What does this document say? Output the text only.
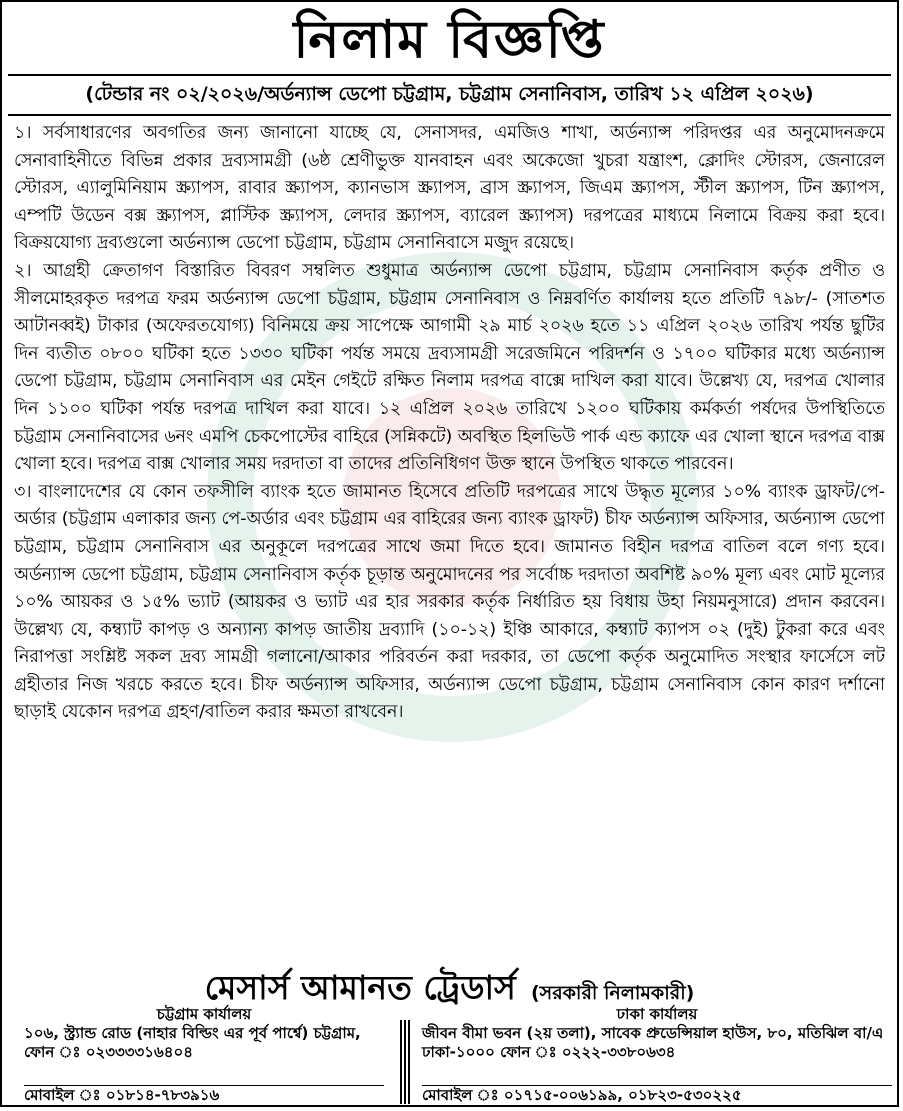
নিলাম বিজ্ঞপ্তি
(টেন্ডার নং ০২/২০২৬/অর্ডন্যান্স ডেপো চট্টগ্রাম, চট্টগ্রাম সেনানিবাস, তারিখ ১২ এপ্রিল ২০২৬)

১। সর্বসাধারণের অবগতির জন্য জানানো যাচ্ছে যে, সেনাসদর, এমজিও শাখা, অর্ডন্যান্স পরিদপ্তর এর অনুমোদনক্রমে সেনাবাহিনীতে বিভিন্ন প্রকার দ্রব্যসামগ্রী (৬ষ্ঠ শ্রেণীভুক্ত যানবাহন এবং অকেজো খুচরা যন্ত্রাংশ, ক্লোদিং স্টোরস, জেনারেল স্টোরস, এ্যালুমিনিয়াম স্ক্র্যাপস, রাবার স্ক্র্যাপস, ক্যানভাস স্ক্র্যাপস, ব্রাস স্ক্র্যাপস, জিএম স্ক্র্যাপস, স্টীল স্ক্র্যাপস, টিন স্ক্র্যাপস, এম্পটি উডেন বক্স স্ক্র্যাপস, প্লাস্টিক স্ক্র্যাপস, লেদার স্ক্র্যাপস, ব্যারেল স্ক্র্যাপস) দরপত্রের মাধ্যমে নিলামে বিক্রয় করা হবে। বিক্রয়যোগ্য দ্রব্যগুলো অর্ডন্যান্স ডেপো চট্টগ্রাম, চট্টগ্রাম সেনানিবাসে মজুদ রয়েছে।

২। আগ্রহী ক্রেতাগণ বিস্তারিত বিবরণ সম্বলিত শুধুমাত্র অর্ডন্যান্স ডেপো চট্টগ্রাম, চট্টগ্রাম সেনানিবাস কর্তৃক প্রণীত ও সীলমোহরকৃত দরপত্র ফরম অর্ডন্যান্স ডেপো চট্টগ্রাম, চট্টগ্রাম সেনানিবাস ও নিম্নবর্ণিত কার্যালয় হতে প্রতিটি ৭৯৮/- (সাতশত আটানব্বই) টাকার (অফেরতযোগ্য) বিনিময়ে ক্রয় সাপেক্ষে আগামী ২৯ মার্চ ২০২৬ হতে ১১ এপ্রিল ২০২৬ তারিখ পর্যন্ত ছুটির দিন ব্যতীত ০৮০০ ঘটিকা হতে ১৩৩০ ঘটিকা পর্যন্ত সময়ে দ্রব্যসামগ্রী সরেজমিনে পরিদর্শন ও ১৭০০ ঘটিকার মধ্যে অর্ডন্যান্স ডেপো চট্টগ্রাম, চট্টগ্রাম সেনানিবাস এর মেইন গেইটে রক্ষিত নিলাম দরপত্র বাক্সে দাখিল করা যাবে। উল্লেখ্য যে, দরপত্র খোলার দিন ১১০০ ঘটিকা পর্যন্ত দরপত্র দাখিল করা যাবে। ১২ এপ্রিল ২০২৬ তারিখে ১২০০ ঘটিকায় কর্মকর্তা পর্ষদের উপস্থিতিতে চট্টগ্রাম সেনানিবাসের ৬নং এমপি চেকপোস্টের বাহিরে (সন্নিকটে) অবস্থিত হিলভিউ পার্ক এন্ড ক্যাফে এর খোলা স্থানে দরপত্র বাক্স খোলা হবে। দরপত্র বাক্স খোলার সময় দরদাতা বা তাদের প্রতিনিধিগণ উক্ত স্থানে উপস্থিত থাকতে পারবেন।

৩। বাংলাদেশের যে কোন তফসীলি ব্যাংক হতে জামানত হিসেবে প্রতিটি দরপত্রের সাথে উদ্ধৃত মূল্যের ১০% ব্যাংক ড্রাফট/পে-অর্ডার (চট্টগ্রাম এলাকার জন্য পে-অর্ডার এবং চট্টগ্রাম এর বাহিরের জন্য ব্যাংক ড্রাফট) চীফ অর্ডন্যান্স অফিসার, অর্ডন্যান্স ডেপো চট্টগ্রাম, চট্টগ্রাম সেনানিবাস এর অনুকূলে দরপত্রের সাথে জমা দিতে হবে। জামানত বিহীন দরপত্র বাতিল বলে গণ্য হবে। অর্ডন্যান্স ডেপো চট্টগ্রাম, চট্টগ্রাম সেনানিবাস কর্তৃক চূড়ান্ত অনুমোদনের পর সর্বোচ্চ দরদাতা অবশিষ্ট ৯০% মূল্য এবং মোট মূল্যের ১০% আয়কর ও ১৫% ভ্যাট (আয়কর ও ভ্যাট এর হার সরকার কর্তৃক নির্ধারিত হয় বিধায় উহা নিয়মনুসারে) প্রদান করবেন। উল্লেখ্য যে, কম্ব্যাট কাপড় ও অন্যান্য কাপড় জাতীয় দ্রব্যাদি (১০-১২) ইঞ্চি আকারে, কম্ব্যাট ক্যাপস ০২ (দুই) টুকরা করে এবং নিরাপত্তা সংশ্লিষ্ট সকল দ্রব্য সামগ্রী গলানো/আকার পরিবর্তন করা দরকার, তা ডেপো কর্তৃক অনুমোদিত সংস্থার ফার্সেসে লট গ্রহীতার নিজ খরচে করতে হবে। চীফ অর্ডন্যান্স অফিসার, অর্ডন্যান্স ডেপো চট্টগ্রাম, চট্টগ্রাম সেনানিবাস কোন কারণ দর্শানো ছাড়াই যেকোন দরপত্র গ্রহণ/বাতিল করার ক্ষমতা রাখবেন।

মেসার্স আমানত ট্রেডার্স (সরকারী নিলামকারী)
চট্টগ্রাম কার্যালয়
১০৬, স্ট্র্যান্ড রোড (নাহার বিল্ডিং এর পূর্ব পার্শ্বে) চট্টগ্রাম, ফোন ঃ ০২৩৩৩৩১৬৪০৪
ঢাকা কার্যালয়
জীবন বীমা ভবন (২য় তলা), সাবেক প্রুডেন্সিয়াল হাউস, ৮০, মতিঝিল বা/এ ঢাকা-১০০০ ফোন ঃ ০২২২-৩৩৮০৬৩৪
মোবাইল ঃ ০১৮১৪-৭৮৩৯১৬	মোবাইল ঃ ০১৭১৫-০০৬১৯৯, ০১৮২৩-৫৩০২২৫
